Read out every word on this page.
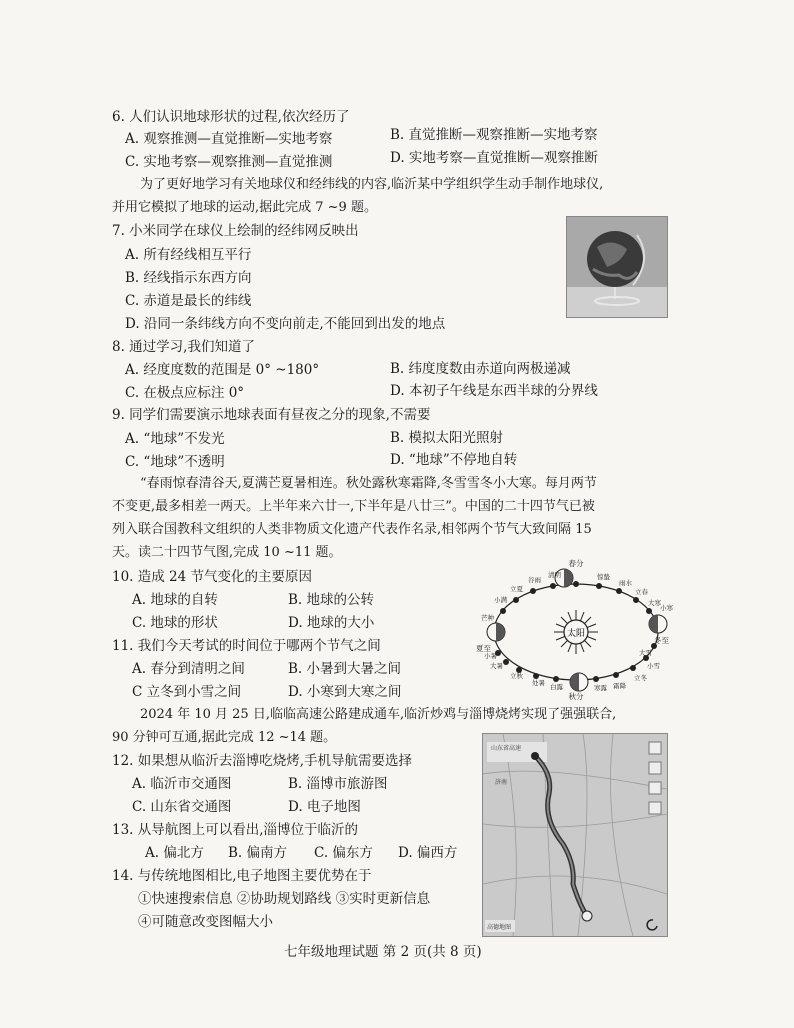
6. 人们认识地球形状的过程,依次经历了
A. 观察推测—直觉推断—实地考察	B. 直觉推断—观察推断—实地考察
C. 实地考察—观察推测—直觉推测	D. 实地考察—直觉推断—观察推断
为了更好地学习有关地球仪和经纬线的内容,临沂某中学组织学生动手制作地球仪,
并用它模拟了地球的运动,据此完成 7 ~9 题。
7. 小米同学在球仪上绘制的经纬网反映出
A. 所有经线相互平行
B. 经线指示东西方向
C. 赤道是最长的纬线
D. 沿同一条纬线方向不变向前走,不能回到出发的地点
8. 通过学习,我们知道了
A. 经度度数的范围是 0° ~180°	B. 纬度度数由赤道向两极递减
C. 在极点应标注 0°	D. 本初子午线是东西半球的分界线
9. 同学们需要演示地球表面有昼夜之分的现象,不需要
A. “地球”不发光	B. 模拟太阳光照射
C. “地球”不透明	D. “地球”不停地自转
“春雨惊春清谷天,夏满芒夏暑相连。秋处露秋寒霜降,冬雪雪冬小大寒。每月两节
不变更,最多相差一两天。上半年来六廿一,下半年是八廿三”。中国的二十四节气已被
列入联合国教科文组织的人类非物质文化遗产代表作名录,相邻两个节气大致间隔 15
天。读二十四节气图,完成 10 ~11 题。
10. 造成 24 节气变化的主要原因
A. 地球的自转	B. 地球的公转
C. 地球的形状	D. 地球的大小
11. 我们今天考试的时间位于哪两个节气之间
A. 春分到清明之间	B. 小暑到大暑之间
C 立冬到小雪之间	D. 小寒到大寒之间
太阳
春分
夏至
秋分
冬至
清明
谷雨
立夏
小满
芒种
惊蛰
雨水
立春
大寒
小寒
大雪
小雪
立冬
霜降
寒露
白露
处暑
立秋
大暑
小暑
2024 年 10 月 25 日,临临高速公路建成通车,临沂炒鸡与淄博烧烤实现了强强联合,
90 分钟可互通,据此完成 12 ~14 题。
12. 如果想从临沂去淄博吃烧烤,手机导航需要选择
A. 临沂市交通图	B. 淄博市旅游图
C. 山东省交通图	D. 电子地图
13. 从导航图上可以看出,淄博位于临沂的
A. 偏北方 B. 偏南方 C. 偏东方 D. 偏西方
14. 与传统地图相比,电子地图主要优势在于
①快速搜索信息 ②协助规划路线 ③实时更新信息
④可随意改变图幅大小
山东省高速
济南
高德地图
七年级地理试题 第 2 页(共 8 页)
